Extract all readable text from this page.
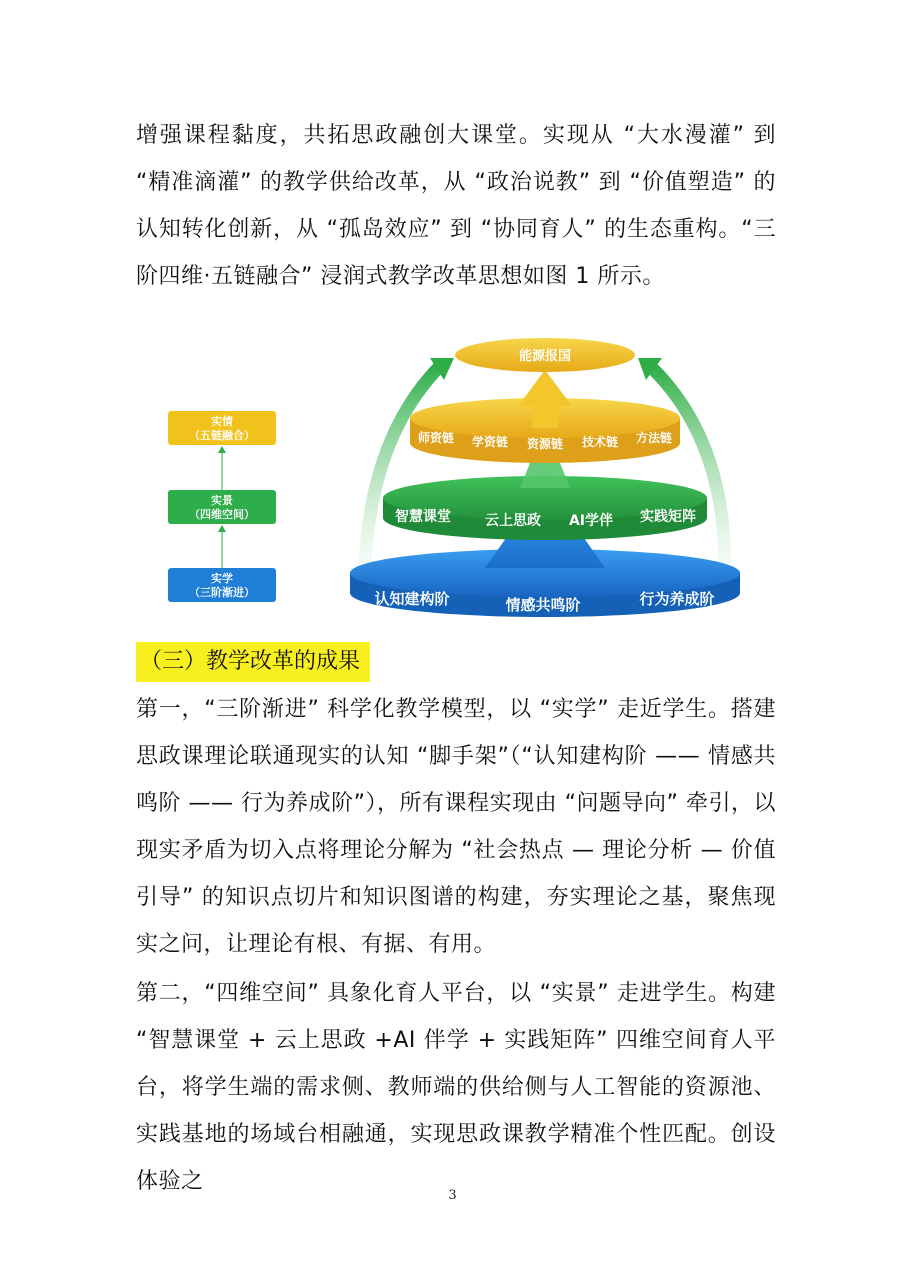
增强课程黏度，共拓思政融创大课堂。实现从 “大水漫灌” 到 “精准滴灌” 的教学供给改革，从 “政治说教” 到 “价值塑造” 的认知转化创新，从 “孤岛效应” 到 “协同育人” 的生态重构。“三阶四维·五链融合” 浸润式教学改革思想如图 1 所示。

能源报国
师资链 学资链 资源链 技术链 方法链
智慧课堂 云上思政 AI学伴 实践矩阵
认知建构阶	情感共鸣阶	行为养成阶
实情
（五链融合）
实景
（四维空间）
实学
（三阶渐进）

（三）教学改革的成果

第一，“三阶渐进” 科学化教学模型，以 “实学” 走近学生。搭建思政课理论联通现实的认知 “脚手架”（“认知建构阶 —— 情感共鸣阶 —— 行为养成阶”），所有课程实现由 “问题导向” 牵引，以现实矛盾为切入点将理论分解为 “社会热点 — 理论分析 — 价值引导” 的知识点切片和知识图谱的构建，夯实理论之基，聚焦现实之问，让理论有根、有据、有用。

第二，“四维空间” 具象化育人平台，以 “实景” 走进学生。构建 “智慧课堂 + 云上思政 +AI 伴学 + 实践矩阵” 四维空间育人平台，将学生端的需求侧、教师端的供给侧与人工智能的资源池、实践基地的场域台相融通，实现思政课教学精准个性匹配。创设体验之

3
